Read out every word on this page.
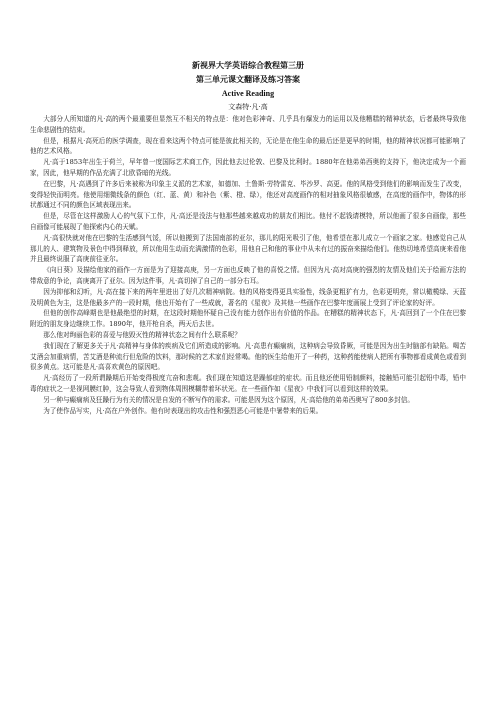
新视界大学英语综合教程第三册

第三单元课文翻译及练习答案

Active Reading

文森特·凡·高

大部分人所知道的凡·高的两个最重要但显然互不相关的特点是：他对色彩神奇、几乎具有爆发力的运用以及他糟糕的精神状态，后者最终导致他生命悲剧性的结束。

但是，根据凡·高死后的医学调查，现在看来这两个特点可能是彼此相关的，无论是在他生命的最后还是更早的时期，他的精神状况都可能影响了他的艺术风格。

凡·高于1853年出生于荷兰，早年曾一度国际艺术商工作，因此他去过伦敦、巴黎及比利时。1880年在他弟弟西奥的支持下，他决定成为一个画家，因此，他早期的作品充满了北欧昏暗的光线。

在巴黎，凡·高遇到了许多后来被称为印象主义派的艺术家，如德加、土鲁斯·劳特雷克、毕沙罗、高更。他的风格受到他们的影响而发生了改变，变得轻快而明亮。他使用细微线条的颜色（红、蓝、黄）和补色（紫、橙、绿），他还对高度画作的相对抽象风格很敏感，在高度的画作中，物体的形状都通过不同的颜色区域表现出来。

但是，尽管在这样激励人心的气氛下工作，凡·高还是没法与他那些越来越成功的朋友们相比。他付不起钱请模特，所以他画了很多自画像，那些自画像可能展现了他探索内心的天赋。

凡·高很快就对他在巴黎的生活感到气馁，所以他搬到了法国南部的亚尔，那儿的阳光吸引了他，他希望在那儿成立一个画家之家。他感觉自己从那儿的人、建筑物及景色中得到释放，所以他用生动而充满激情的色彩，用他自己和他的事业中从未有过的振奋来描绘他们。他热切地希望高庚来看他并且最终说服了高庚前往亚尔。

《向日葵》及描绘他家的画作一方面是为了迎接高庚，另一方面也反映了他的喜悦之情。但因为凡·高对高庚的强烈的友情及他们关于绘画方法的带敌意的争论，高庚离开了亚尔。因为这件事，凡·高切掉了自己的一部分右耳。

因为抑郁和幻听，凡·高在接下来的两年里进出了好几次精神病院。他的风格变得更具实验性，线条更粗犷有力，色彩更明亮，常以橄榄绿、天蓝及明黄色为主，这是他最多产的一段时期，他也开始有了一些成就，著名的《星夜》及其他一些画作在巴黎年度画展上受到了评论家的好评。

但他的创作高峰期也是他最绝望的时期，在这段时期他怀疑自己没有能力创作出有价值的作品。在糟糕的精神状态下，凡·高回到了一个住在巴黎附近的朋友身边继续工作。1890年，他开枪自杀，两天后去世。

那么他对绚丽色彩的喜爱与他毁灭性的精神状态之间有什么联系呢？

我们现在了解更多关于凡·高精神与身体的疾病及它们所造成的影响。凡·高患有癫痫病，这种病会导致昏厥，可能是因为出生时脑部有缺陷。喝苦艾酒会加重病情，苦艾酒是种流行但危险的饮料，那时候的艺术家们经常喝。他的医生给他开了一种药，这种药能使病人把所有事物都看成黄色或看到很多黄点。这可能是凡·高喜欢黄色的原因吧。

凡·高经历了一段所谓躁期后开始变得极度亢奋和悲观。我们现在知道这是躁郁症的症状。而且他还使用铅制颜料，接触铅可能引起铅中毒，铅中毒的症状之一是视网膜红肿，这会导致人看到物体周围模糊带着环状光。在一些画作如《星夜》中我们可以看到这样的效果。

另一种与癫痫病及狂躁行为有关的情况是自发的不断写作的需求。可能是因为这个原因，凡·高给他的弟弟西奥写了800多封信。

为了使作品写实，凡·高在户外创作。他有时表现出的攻击性和强烈恶心可能是中暑带来的后果。
